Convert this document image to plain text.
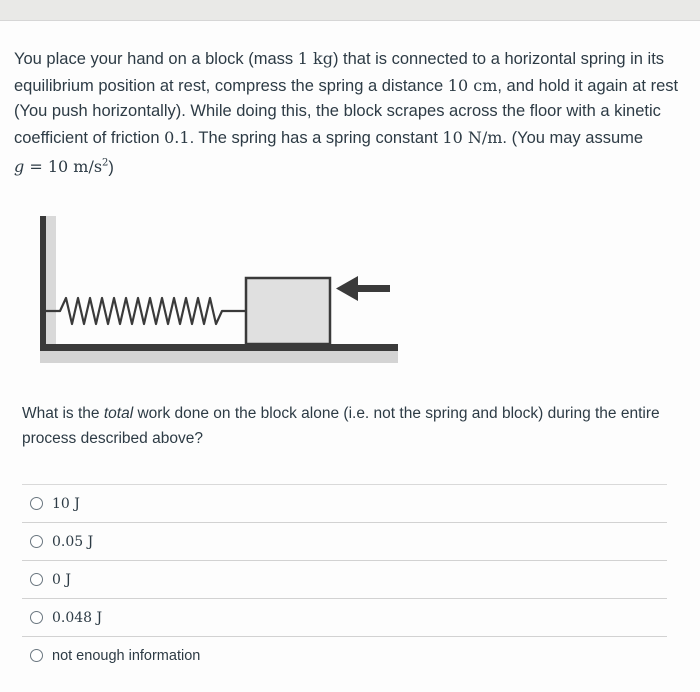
You place your hand on a block (mass 1 kg) that is connected to a horizontal spring in its equilibrium position at rest, compress the spring a distance 10 cm, and hold it again at rest (You push horizontally). While doing this, the block scrapes across the floor with a kinetic coefficient of friction 0.1. The spring has a spring constant 10 N/m. (You may assume
g = 10 $m/s^2$)
What is the total work done on the block alone (i.e. not the spring and block) during the entire process described above?
10 J
0.05 J
0 J
0.048 J
not enough information
